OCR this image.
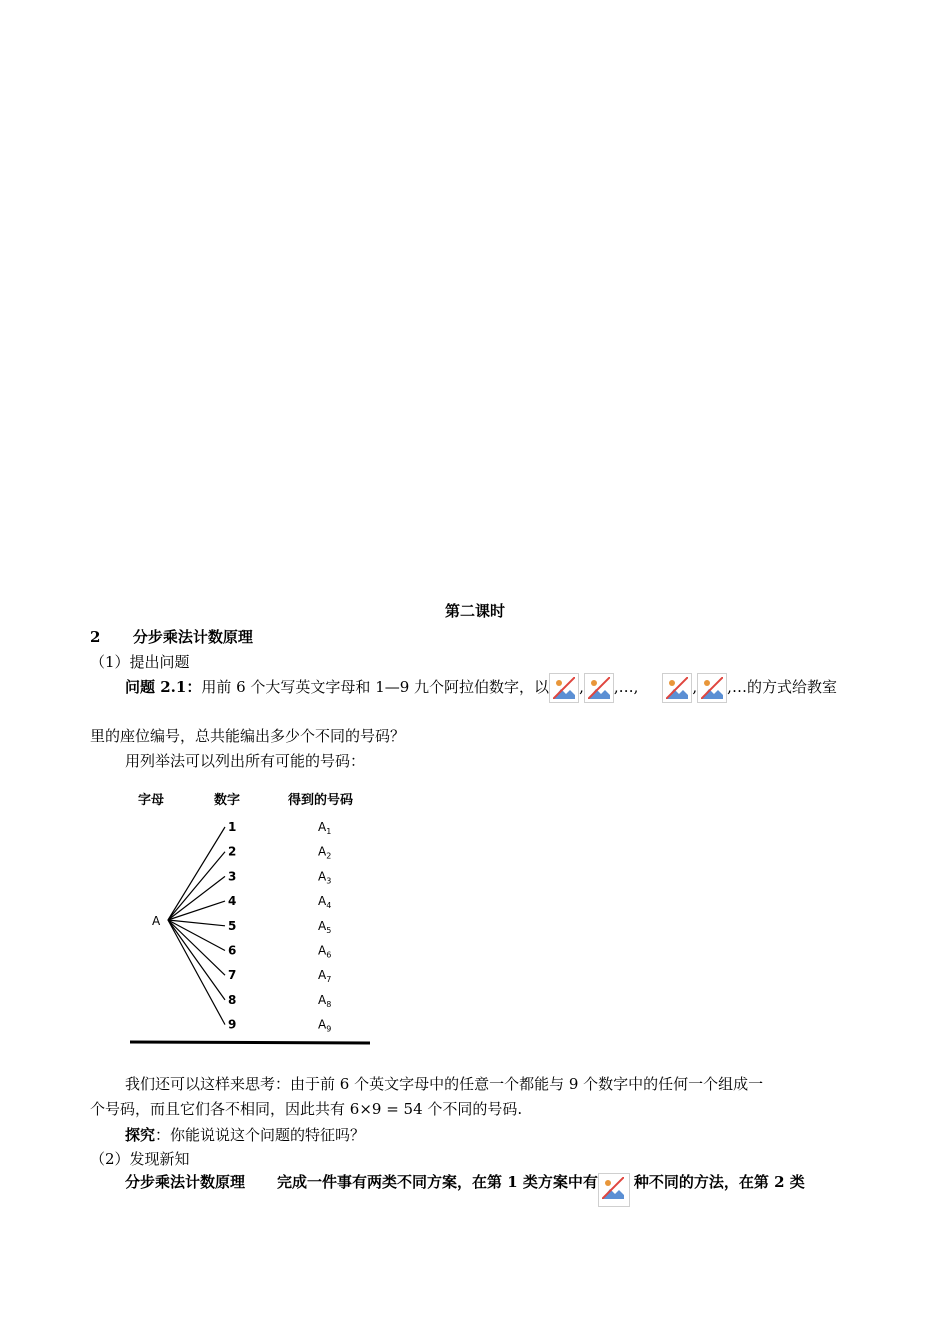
第二课时
2 分步乘法计数原理
（1）提出问题
问题 2.1：用前 6 个大写英文字母和 1—9 九个阿拉伯数字，以 , ,…,	, ,…的方式给教室
里的座位编号，总共能编出多少个不同的号码？
用列举法可以列出所有可能的号码：
字母	数字	得到的号码
A
1	$A_1$
2	$A_2$
3	$A_3$
4	$A_4$
5	$A_5$
6	$A_6$
7	$A_7$
8	$A_8$
9	$A_9$
我们还可以这样来思考：由于前 6 个英文字母中的任意一个都能与 9 个数字中的任何一个组成一
个号码，而且它们各不相同，因此共有 6×9 = 54 个不同的号码.
探究：你能说说这个问题的特征吗？
（2）发现新知
分步乘法计数原理 完成一件事有两类不同方案，在第 1 类方案中有 种不同的方法，在第 2 类
